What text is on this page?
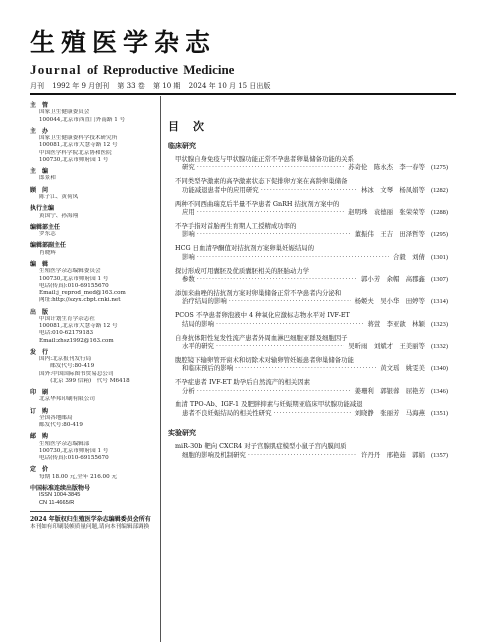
生殖医学杂志
Journal of Reproductive Medicine
月刊 1992 年 9 月创刊 第 33 卷 第 10 期 2024 年 10 月 15 日出版
主　管
国家卫生健康委员会
100044,北京市西直门外南路 1 号
主　办
国家卫生健康委科学技术研究所
100081,北京市大慧寺路 12 号
中国医学科学院北京协和医院
100730,北京市帅府园 1 号
主　编
郎景和
顾　问
陈子江、黄荷凤
执行主编
黄国宁、孙海翔
编辑部主任
罗东志
编辑部副主任
肖晓辉
编　辑
生殖医学杂志编辑委员会
100730,北京市帅府园 1 号
电话(传真):010-69155670
Email:j_reprod_med@163.com
网址:http://szyx.cbpt.cnki.net
出　版
中国计划生育学杂志社
100081,北京市大慧寺路 12 号
电话:010-62179183
Email:zhsz1992@163.com
发　行
国内:北京报刊发行局
　　邮发代号:80-419
国外:中国国际图书贸易总公司
　　(北京 399 信箱)　代号 M6418
印　刷
北京华邦印刷有限公司
订　购
全国各地邮局
邮发代号:80-419
邮　购
生殖医学杂志编辑部
100730,北京市帅府园 1 号
电话(传真):010-69155670
定　价
每期 18.00 元,全年 216.00 元
中国标准连续出版物号
ISSN 1004-3845
CN 11-4665/R
2024 年版权归生殖医学杂志编辑委员会所有
本刊如有印刷装帧质量问题,请向本刊编辑部调换
目次
临床研究
甲状腺自身免疫与甲状腺功能正常不孕患者卵巢储备功能的关系
研究 ·····	苏奇伦　陈永杰　李一春等 (1275)
不同类型孕激素的高孕激素状态下促排卵方案在高龄卵巢储备
功能减退患者中的应用研究 ·····	林冰　文琴　杨凤娟等 (1282)
两种不同西曲瑞克后半量不孕患者 GnRH 拮抗剂方案中的
应用 ·····	赵明珠　袁德丽　张荣荣等 (1288)
不孕手指对首胎再生育期人工授精成功率的
影响 ·····	董振伟　王吉　田泽哲等 (1295)
HCG 日血清孕酮值对拮抗剂方案卵巢妊娠结局的
影响 ·····	合毅　刘倩 (1301)
探讨形成可用囊胚及优质囊胚相关的胚胎动力学
参数 ·····	郭小芳　余帽　高郡鑫 (1307)
添加来曲唑的拮抗剂方案对卵巢储备正常不孕患者内分泌和
治疗结局的影响 ·····	杨姬夫　吴小华　田婷等 (1314)
PCOS 不孕患者卵泡液中 4 种氧化应激标志物水平对 IVF-ET
结局的影响 ·····	蒋萱　李亚歆　林颖 (1323)
自身抗体阳性复发性流产患者外周血淋巴细胞亚群及细胞因子
水平的研究 ·····	吴昕雨　刘斌才　王美丽等 (1332)
腹腔镜下输卵管开窗术和切除术对输卵管妊娠患者卵巢储备功能
和临床预后的影响 ·····	黄文瑶　姚雯美 (1340)
不孕症患者 IVF-ET 助孕后自然流产的相关因素
分析 ·····	姜珊利　郭银蓉　屈艳芳 (1346)
血清 TPO-Ab、IGF-1 及肥胖抑素与妊娠期亚临床甲状腺功能减退
患者不良妊娠结局的相关性研究 ·····	刘晓静　张丽芳　马海燕 (1351)
实验研究
miR-30b 靶向 CXCR4 对子宫腺肌症模型小鼠子宫内膜间质
细胞的影响及机制研究 ·····	许丹丹　邢艳茹　郭娟 (1357)
